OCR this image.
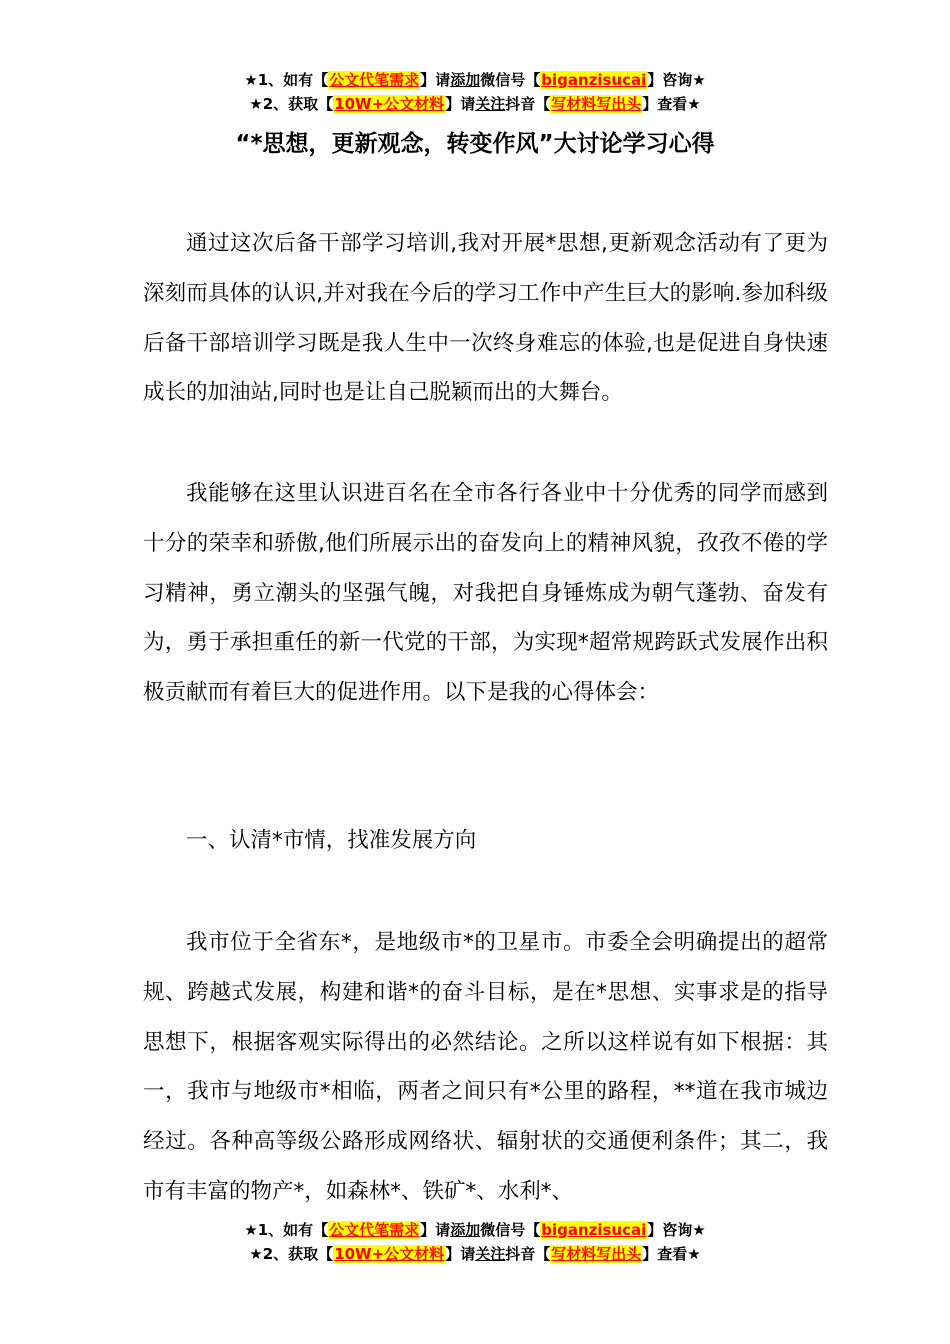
★1、如有【公文代笔需求】请添加微信号【biganzisucai】咨询★
★2、获取【10W+公文材料】请关注抖音【写材料写出头】查看★
“*思想，更新观念，转变作风”大讨论学习心得
通过这次后备干部学习培训,我对开展*思想,更新观念活动有了更为深刻而具体的认识,并对我在今后的学习工作中产生巨大的影响.参加科级后备干部培训学习既是我人生中一次终身难忘的体验,也是促进自身快速成长的加油站,同时也是让自己脱颖而出的大舞台。
我能够在这里认识进百名在全市各行各业中十分优秀的同学而感到十分的荣幸和骄傲,他们所展示出的奋发向上的精神风貌，孜孜不倦的学习精神，勇立潮头的坚强气魄，对我把自身锤炼成为朝气蓬勃、奋发有为，勇于承担重任的新一代党的干部，为实现*超常规跨跃式发展作出积极贡献而有着巨大的促进作用。以下是我的心得体会：
一、认清*市情，找准发展方向
我市位于全省东*，是地级市*的卫星市。市委全会明确提出的超常规、跨越式发展，构建和谐*的奋斗目标，是在*思想、实事求是的指导思想下，根据客观实际得出的必然结论。之所以这样说有如下根据：其一，我市与地级市*相临，两者之间只有*公里的路程，**道在我市城边经过。各种高等级公路形成网络状、辐射状的交通便利条件；其二，我市有丰富的物产*，如森林*、铁矿*、水利*、
★1、如有【公文代笔需求】请添加微信号【biganzisucai】咨询★
★2、获取【10W+公文材料】请关注抖音【写材料写出头】查看★
